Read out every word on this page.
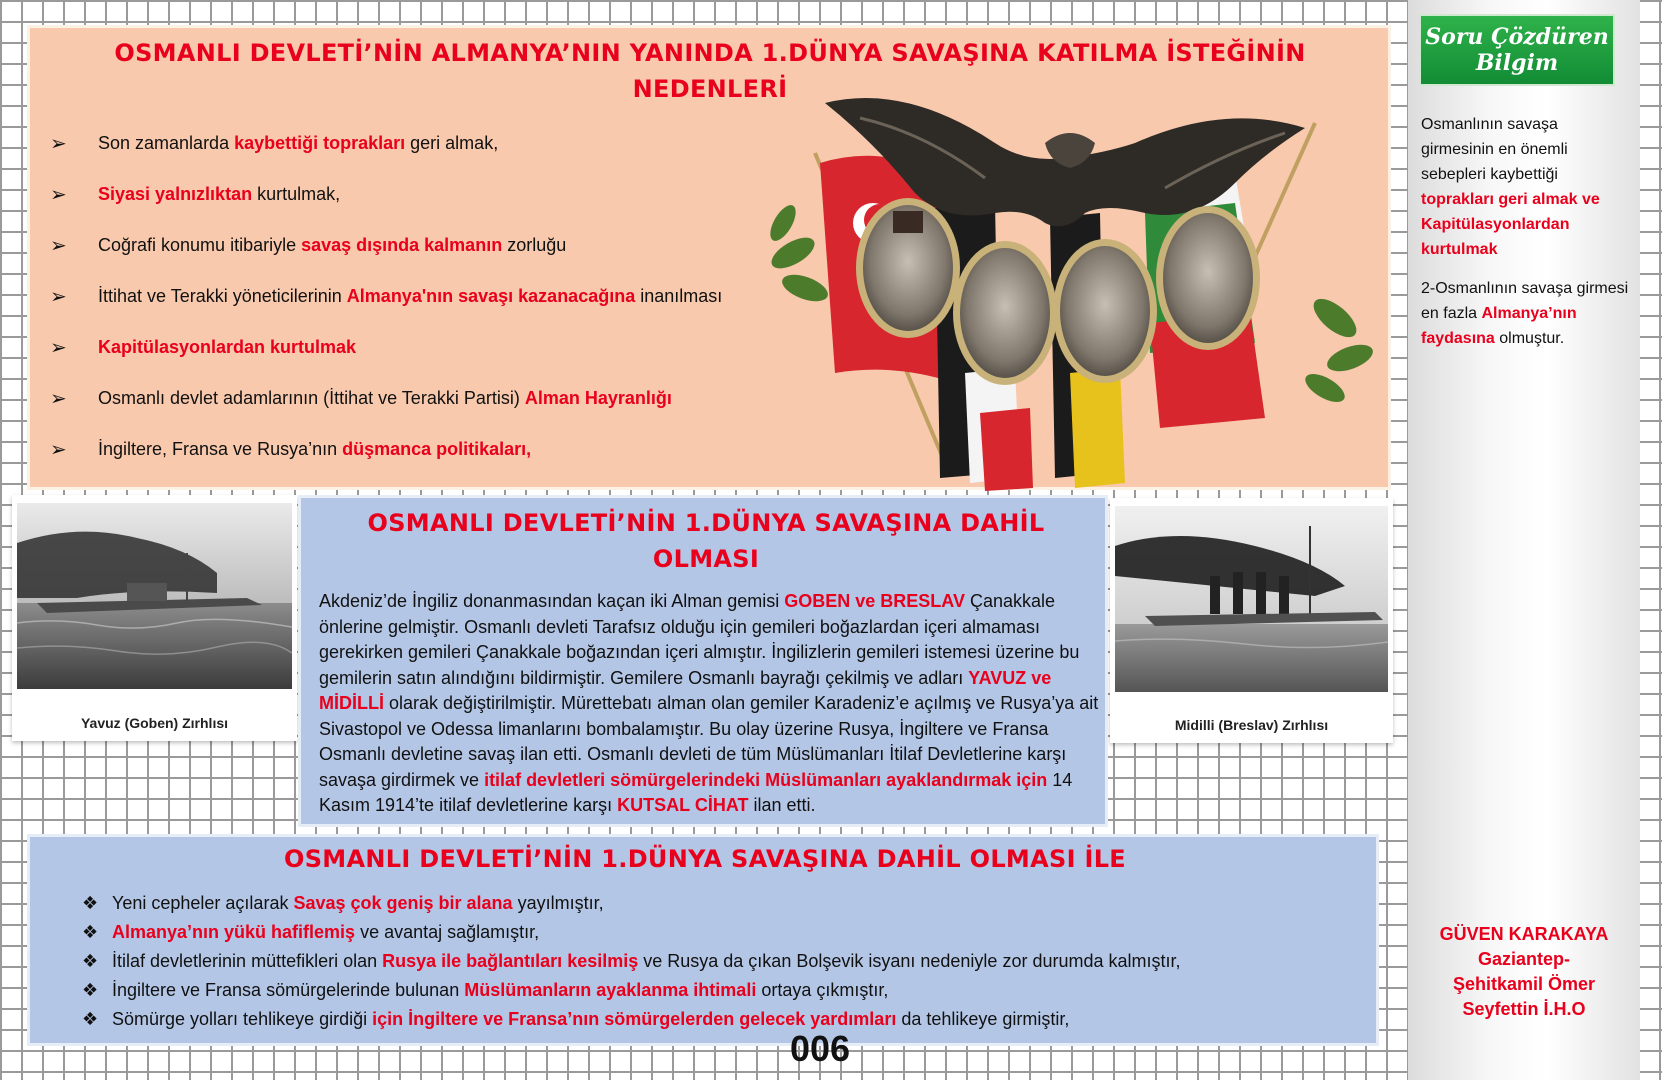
OSMANLI DEVLETİ’NİN ALMANYA’NIN YANINDA 1.DÜNYA SAVAŞINA KATILMA İSTEĞİNİN
NEDENLERİ
➢	Son zamanlarda kaybettiği toprakları geri almak,
➢	Siyasi yalnızlıktan kurtulmak,
➢	Coğrafi konumu itibariyle savaş dışında kalmanın zorluğu
➢	İttihat ve Terakki yöneticilerinin Almanya'nın savaşı kazanacağına inanılması
➢	Kapitülasyonlardan kurtulmak
➢	Osmanlı devlet adamlarının (İttihat ve Terakki Partisi) Alman Hayranlığı
➢	İngiltere, Fransa ve Rusya’nın düşmanca politikaları,
Yavuz (Goben) Zırhlısı	Midilli (Breslav) Zırhlısı
OSMANLI DEVLETİ’NİN 1.DÜNYA SAVAŞINA DAHİL
OLMASI
Akdeniz’de İngiliz donanmasından kaçan iki Alman gemisi GOBEN ve BRESLAV Çanakkale önlerine gelmiştir. Osmanlı devleti Tarafsız olduğu için gemileri boğazlardan içeri almaması gerekirken gemileri Çanakkale boğazından içeri almıştır. İngilizlerin gemileri istemesi üzerine bu gemilerin satın alındığını bildirmiştir. Gemilere Osmanlı bayrağı çekilmiş ve adları YAVUZ ve MİDİLLİ olarak değiştirilmiştir. Mürettebatı alman olan gemiler Karadeniz’e açılmış ve Rusya’ya ait Sivastopol ve Odessa limanlarını bombalamıştır. Bu olay üzerine Rusya, İngiltere ve Fransa Osmanlı devletine savaş ilan etti. Osmanlı devleti de tüm Müslümanları İtilaf Devletlerine karşı savaşa girdirmek ve itilaf devletleri sömürgelerindeki Müslümanları ayaklandırmak için 14 Kasım 1914’te itilaf devletlerine karşı KUTSAL CİHAT ilan etti.
OSMANLI DEVLETİ’NİN 1.DÜNYA SAVAŞINA DAHİL OLMASI İLE
❖ Yeni cepheler açılarak Savaş çok geniş bir alana yayılmıştır,
❖ Almanya’nın yükü hafiflemiş ve avantaj sağlamıştır,
❖ İtilaf devletlerinin müttefikleri olan Rusya ile bağlantıları kesilmiş ve Rusya da çıkan Bolşevik isyanı nedeniyle zor durumda kalmıştır,
❖ İngiltere ve Fransa sömürgelerinde bulunan Müslümanların ayaklanma ihtimali ortaya çıkmıştır,
❖ Sömürge yolları tehlikeye girdiği için İngiltere ve Fransa’nın sömürgelerden gelecek yardımları da tehlikeye girmiştir,
006
Soru Çözdüren
Bilgim
Osmanlının savaşa girmesinin en önemli sebepleri kaybettiği toprakları geri almak ve Kapitülasyonlardan kurtulmak
2-Osmanlının savaşa girmesi en fazla Almanya’nın faydasına olmuştur.
GÜVEN KARAKAYA
Gaziantep-
Şehitkamil Ömer
Seyfettin İ.H.O
